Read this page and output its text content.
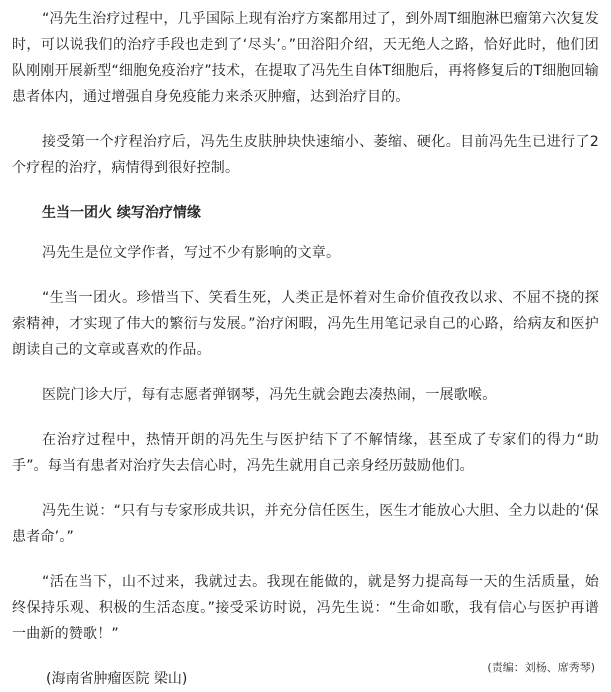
“冯先生治疗过程中，几乎国际上现有治疗方案都用过了，到外周T细胞淋巴瘤第六次复发时，可以说我们的治疗手段也走到了‘尽头’。”田浴阳介绍，天无绝人之路，恰好此时，他们团队刚刚开展新型“细胞免疫治疗”技术，在提取了冯先生自体T细胞后，再将修复后的T细胞回输患者体内，通过增强自身免疫能力来杀灭肿瘤，达到治疗目的。

接受第一个疗程治疗后，冯先生皮肤肿块快速缩小、萎缩、硬化。目前冯先生已进行了2个疗程的治疗，病情得到很好控制。

生当一团火 续写治疗情缘

冯先生是位文学作者，写过不少有影响的文章。

“生当一团火。珍惜当下、笑看生死，人类正是怀着对生命价值孜孜以求、不屈不挠的探索精神，才实现了伟大的繁衍与发展。”治疗闲暇，冯先生用笔记录自己的心路，给病友和医护朗读自己的文章或喜欢的作品。

医院门诊大厅，每有志愿者弹钢琴，冯先生就会跑去凑热闹，一展歌喉。

在治疗过程中，热情开朗的冯先生与医护结下了不解情缘，甚至成了专家们的得力“助手”。每当有患者对治疗失去信心时，冯先生就用自己亲身经历鼓励他们。

冯先生说：“只有与专家形成共识，并充分信任医生，医生才能放心大胆、全力以赴的‘保患者命’。”

“活在当下，山不过来，我就过去。我现在能做的，就是努力提高每一天的生活质量，始终保持乐观、积极的生活态度。”接受采访时说，冯先生说：“生命如歌，我有信心与医护再谱一曲新的赞歌！”

(海南省肿瘤医院 梁山)

(责编：刘杨、席秀琴)
